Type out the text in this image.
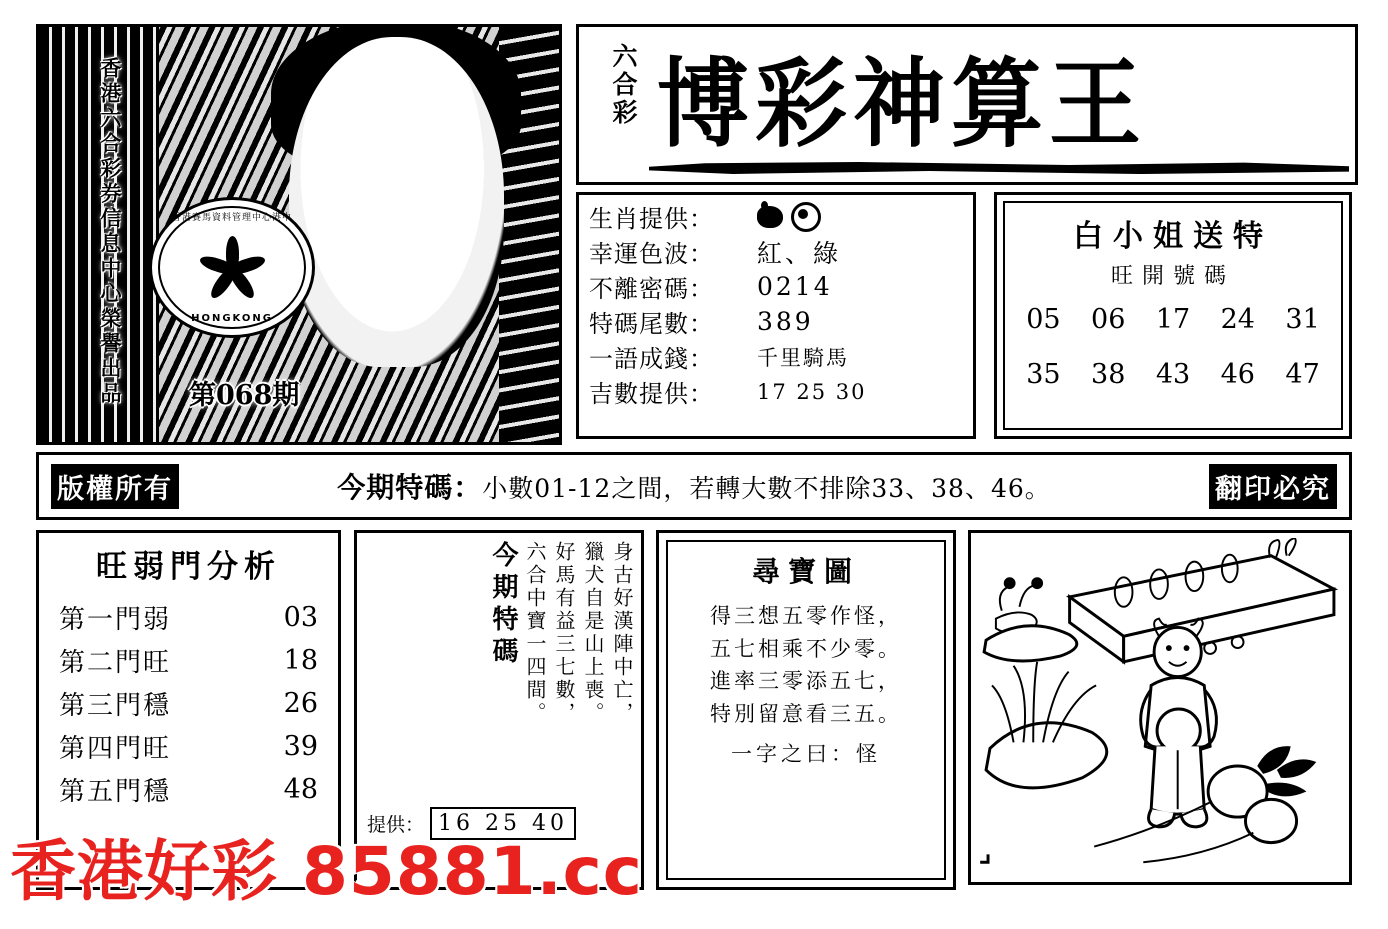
香港六合彩券信息中心榮譽出品	香港賽馬資料管理中心港中
HONGKONG
第068期
六合彩 博彩神算王
生肖提供：
幸運色波：	紅、綠
不離密碼：	0214
特碼尾數：	389
一語成錢：	千里騎馬
吉數提供：	17 25 30
白小姐送特
旺開號碼
05 06 17 24 31
35 38 43 46 47
版權所有	今期特碼：小數01-12之間，若轉大數不排除33、38、46。	翻印必究
旺弱門分析
第一門弱	03
第二門旺	18
第三門穩	26
第四門旺	39
第五門穩	48
身古好漢陣中亡，
獵犬自是山上喪。
好馬有益三七數，
六合中寶一四間。
今期特碼
提供： 16 25 40
尋寶圖
得三想五零作怪，
五七相乘不少零。
進率三零添五七，
特別留意看三五。
一字之曰：怪
香港好彩 85881.cc
